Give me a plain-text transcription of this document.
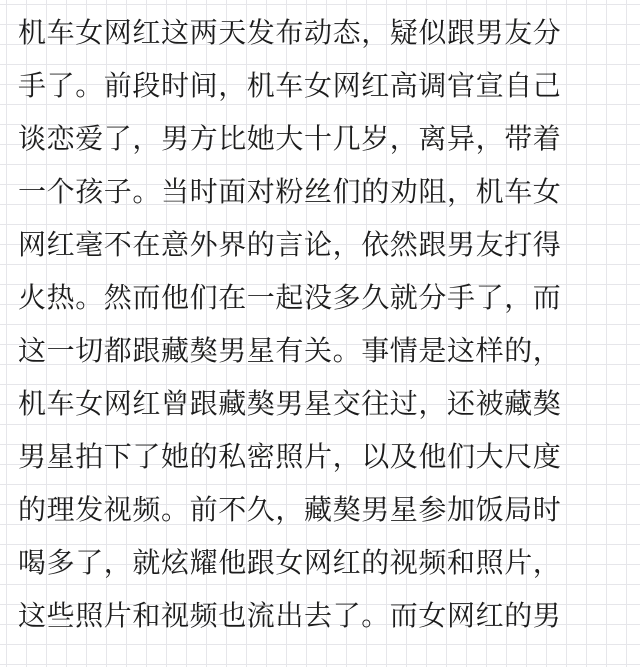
机车女网红这两天发布动态，疑似跟男友分
手了。前段时间，机车女网红高调官宣自己
谈恋爱了，男方比她大十几岁，离异，带着
一个孩子。当时面对粉丝们的劝阻，机车女
网红毫不在意外界的言论，依然跟男友打得
火热。然而他们在一起没多久就分手了，而
这一切都跟藏獒男星有关。事情是这样的，
机车女网红曾跟藏獒男星交往过，还被藏獒
男星拍下了她的私密照片，以及他们大尺度
的理发视频。前不久，藏獒男星参加饭局时
喝多了，就炫耀他跟女网红的视频和照片，
这些照片和视频也流出去了。而女网红的男
